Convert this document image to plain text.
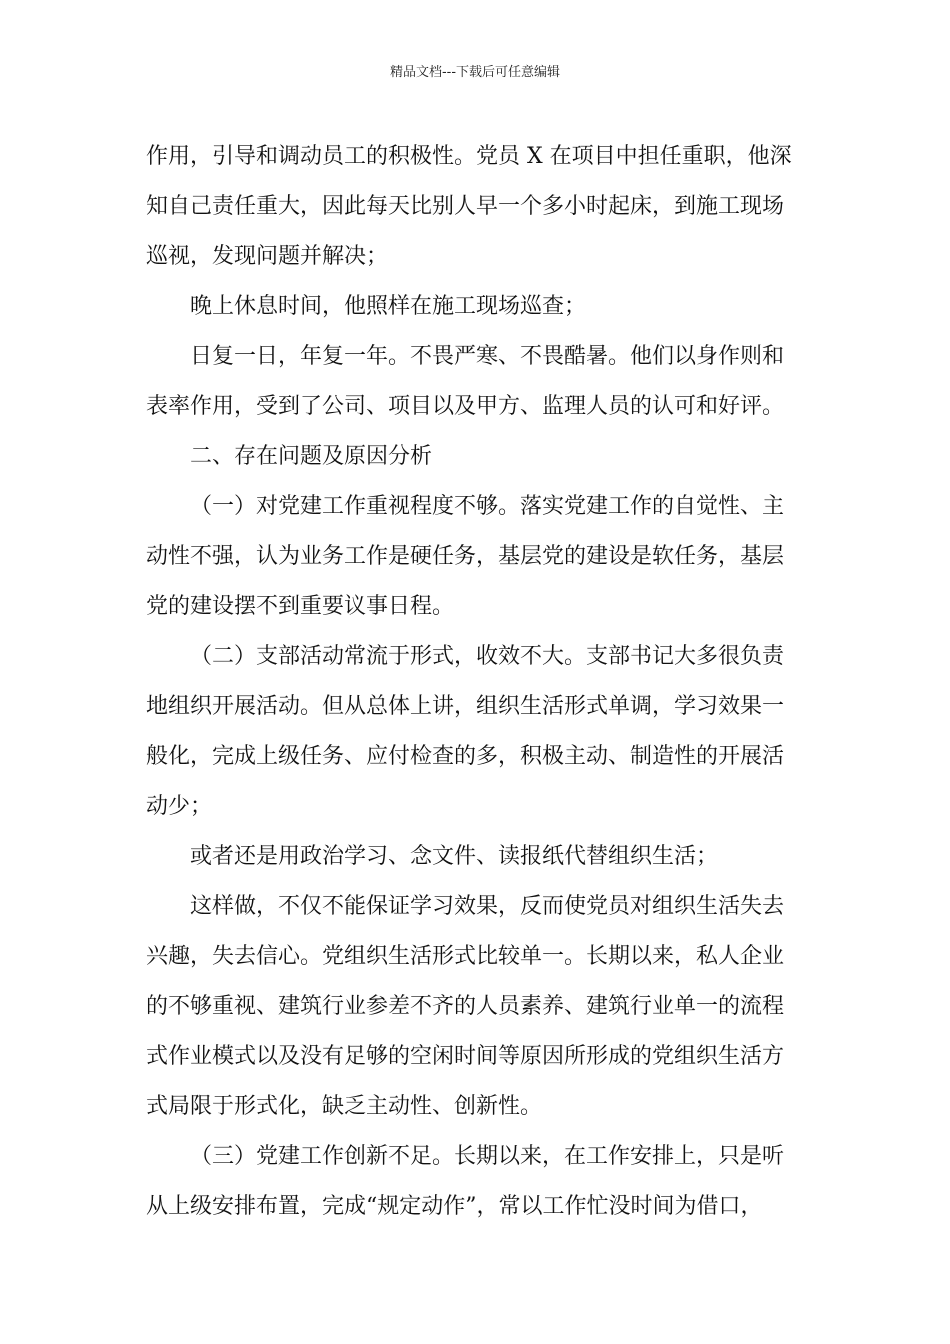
精品文档---下载后可任意编辑
作用，引导和调动员工的积极性。党员 X 在项目中担任重职，他深
知自己责任重大，因此每天比别人早一个多小时起床，到施工现场
巡视，发现问题并解决；
晚上休息时间，他照样在施工现场巡查；
日复一日，年复一年。不畏严寒、不畏酷暑。他们以身作则和
表率作用，受到了公司、项目以及甲方、监理人员的认可和好评。
二、存在问题及原因分析
（一）对党建工作重视程度不够。落实党建工作的自觉性、主
动性不强，认为业务工作是硬任务，基层党的建设是软任务，基层
党的建设摆不到重要议事日程。
（二）支部活动常流于形式，收效不大。支部书记大多很负责
地组织开展活动。但从总体上讲，组织生活形式单调，学习效果一
般化，完成上级任务、应付检查的多，积极主动、制造性的开展活
动少；
或者还是用政治学习、念文件、读报纸代替组织生活；
这样做，不仅不能保证学习效果，反而使党员对组织生活失去
兴趣，失去信心。党组织生活形式比较单一。长期以来，私人企业
的不够重视、建筑行业参差不齐的人员素养、建筑行业单一的流程
式作业模式以及没有足够的空闲时间等原因所形成的党组织生活方
式局限于形式化，缺乏主动性、创新性。
（三）党建工作创新不足。长期以来，在工作安排上，只是听
从上级安排布置，完成“规定动作”，常以工作忙没时间为借口，
